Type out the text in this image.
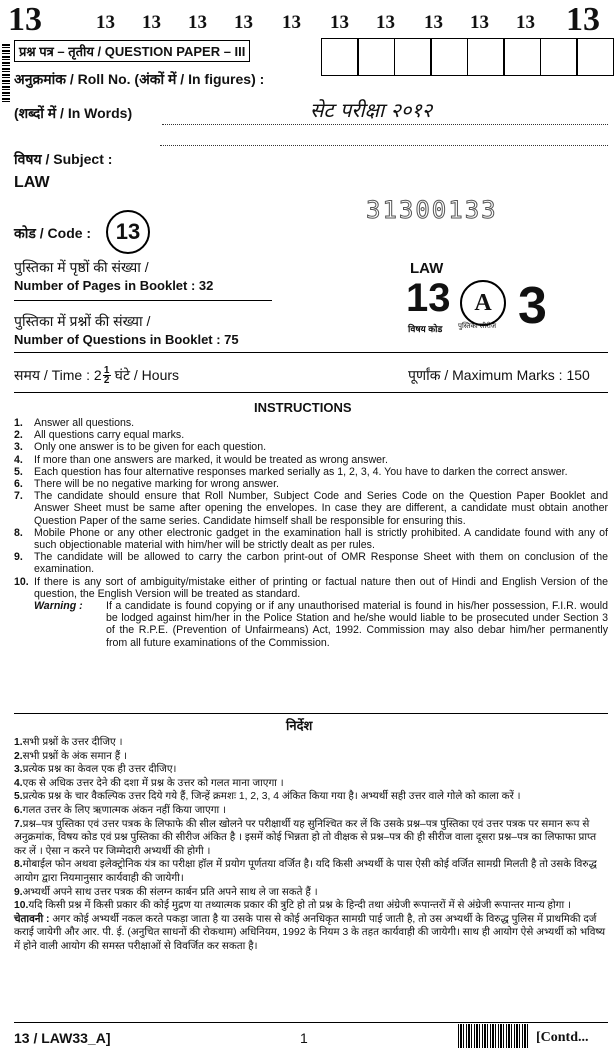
13	13 13 13 13 13 13 13 13 13 13 13
प्रश्न पत्र – तृतीय / QUESTION PAPER – III
अनुक्रमांक / Roll No. (अंकों में / In figures) :
(शब्दों में / In Words)	सेट परीक्षा २०१२
विषय / Subject :
LAW
31300133
कोड / Code : 13
पुस्तिका में पृष्ठों की संख्या /
Number of Pages in Booklet : 32
पुस्तिका में प्रश्नों की संख्या /
Number of Questions in Booklet : 75
LAW
13 A 3
विषय कोड पुस्तिका सीरीज
समय / Time : $2 \frac{1}{2}$ घंटे / Hours	पूर्णांक / Maximum Marks : 150
INSTRUCTIONS
1.	Answer all questions.
2.	All questions carry equal marks.
3.	Only one answer is to be given for each question.
4.	If more than one answers are marked, it would be treated as wrong answer.
5.	Each question has four alternative responses marked serially as 1, 2, 3, 4. You have to darken the correct answer.
6.	There will be no negative marking for wrong answer.
7.	The candidate should ensure that Roll Number, Subject Code and Series Code on the Question Paper Booklet and Answer Sheet must be same after opening the envelopes. In case they are different, a candidate must obtain another Question Paper of the same series. Candidate himself shall be responsible for ensuring this.
8.	Mobile Phone or any other electronic gadget in the examination hall is strictly prohibited. A candidate found with any of such objectionable material with him/her will be strictly dealt as per rules.
9.	The candidate will be allowed to carry the carbon print-out of OMR Response Sheet with them on conclusion of the examination.
10. If there is any sort of ambiguity/mistake either of printing or factual nature then out of Hindi and English Version of the question, the English Version will be treated as standard.
Warning :	If a candidate is found copying or if any unauthorised material is found in his/her possession, F.I.R. would be lodged against him/her in the Police Station and he/she would liable to be prosecuted under Section 3 of the R.P.E. (Prevention of Unfairmeans) Act, 1992. Commission may also debar him/her permanently from all future examinations of the Commission.
निर्देश
1.सभी प्रश्नों के उत्तर दीजिए ।
2.सभी प्रश्नों के अंक समान हैं ।
3.प्रत्येक प्रश्न का केवल एक ही उत्तर दीजिए।
4.एक से अधिक उत्तर देने की दशा में प्रश्न के उत्तर को गलत माना जाएगा ।
5.प्रत्येक प्रश्न के चार वैकल्पिक उत्तर दिये गये हैं, जिन्हें क्रमशः 1, 2, 3, 4 अंकित किया गया है। अभ्यर्थी सही उत्तर वाले गोले को काला करें ।
6.गलत उत्तर के लिए ऋणात्मक अंकन नहीं किया जाएगा ।
7.प्रश्न–पत्र पुस्तिका एवं उत्तर पत्रक के लिफाफे की सील खोलने पर परीक्षार्थी यह सुनिश्चित कर लें कि उसके प्रश्न–पत्र पुस्तिका एवं उत्तर पत्रक पर समान रूप से अनुक्रमांक, विषय कोड एवं प्रश्न पुस्तिका की सीरीज अंकित है । इसमें कोई भिन्नता हो तो वीक्षक से प्रश्न–पत्र की ही सीरीज वाला दूसरा प्रश्न–पत्र का लिफाफा प्राप्त कर लें । ऐसा न करने पर जिम्मेदारी अभ्यर्थी की होगी ।
8.मोबाईल फोन अथवा इलेक्ट्रोनिक यंत्र का परीक्षा हॉल में प्रयोग पूर्णतया वर्जित है। यदि किसी अभ्यर्थी के पास ऐसी कोई वर्जित सामग्री मिलती है तो उसके विरुद्ध आयोग द्वारा नियमानुसार कार्यवाही की जायेगी।
9.अभ्यर्थी अपने साथ उत्तर पत्रक की संलग्न कार्बन प्रति अपने साथ ले जा सकते हैं ।
10.यदि किसी प्रश्न में किसी प्रकार की कोई मुद्रण या तथ्यात्मक प्रकार की त्रुटि हो तो प्रश्न के हिन्दी तथा अंग्रेजी रूपान्तरों में से अंग्रेजी रूपान्तर मान्य होगा ।
चेतावनी : अगर कोई अभ्यर्थी नकल करते पकड़ा जाता है या उसके पास से कोई अनधिकृत सामग्री पाई जाती है, तो उस अभ्यर्थी के विरुद्ध पुलिस में प्राथमिकी दर्ज कराई जायेगी और आर. पी. ई. (अनुचित साधनों की रोकथाम) अधिनियम, 1992 के नियम 3 के तहत कार्यवाही की जायेगी। साथ ही आयोग ऐसे अभ्यर्थी को भविष्य में होने वाली आयोग की समस्त परीक्षाओं से विवर्जित कर सकता है।
13 / LAW33_A]	1	[Contd...
